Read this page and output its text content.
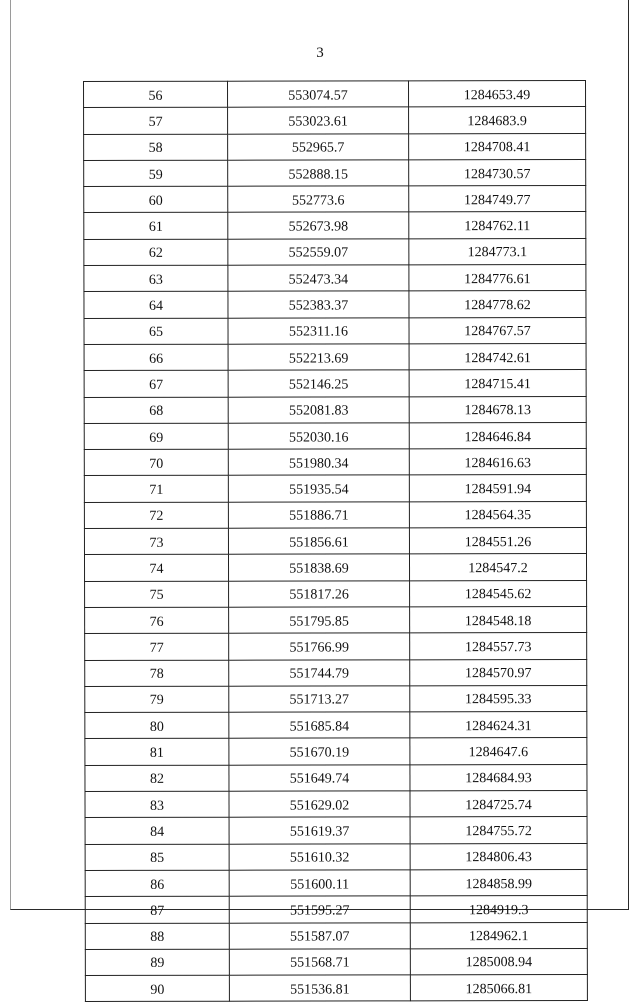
3
56	553074.57	1284653.49
57	553023.61	1284683.9
58	552965.7	1284708.41
59	552888.15	1284730.57
60	552773.6	1284749.77
61	552673.98	1284762.11
62	552559.07	1284773.1
63	552473.34	1284776.61
64	552383.37	1284778.62
65	552311.16	1284767.57
66	552213.69	1284742.61
67	552146.25	1284715.41
68	552081.83	1284678.13
69	552030.16	1284646.84
70	551980.34	1284616.63
71	551935.54	1284591.94
72	551886.71	1284564.35
73	551856.61	1284551.26
74	551838.69	1284547.2
75	551817.26	1284545.62
76	551795.85	1284548.18
77	551766.99	1284557.73
78	551744.79	1284570.97
79	551713.27	1284595.33
80	551685.84	1284624.31
81	551670.19	1284647.6
82	551649.74	1284684.93
83	551629.02	1284725.74
84	551619.37	1284755.72
85	551610.32	1284806.43
86	551600.11	1284858.99
87	551595.27	1284919.3
88	551587.07	1284962.1
89	551568.71	1285008.94
90	551536.81	1285066.81
